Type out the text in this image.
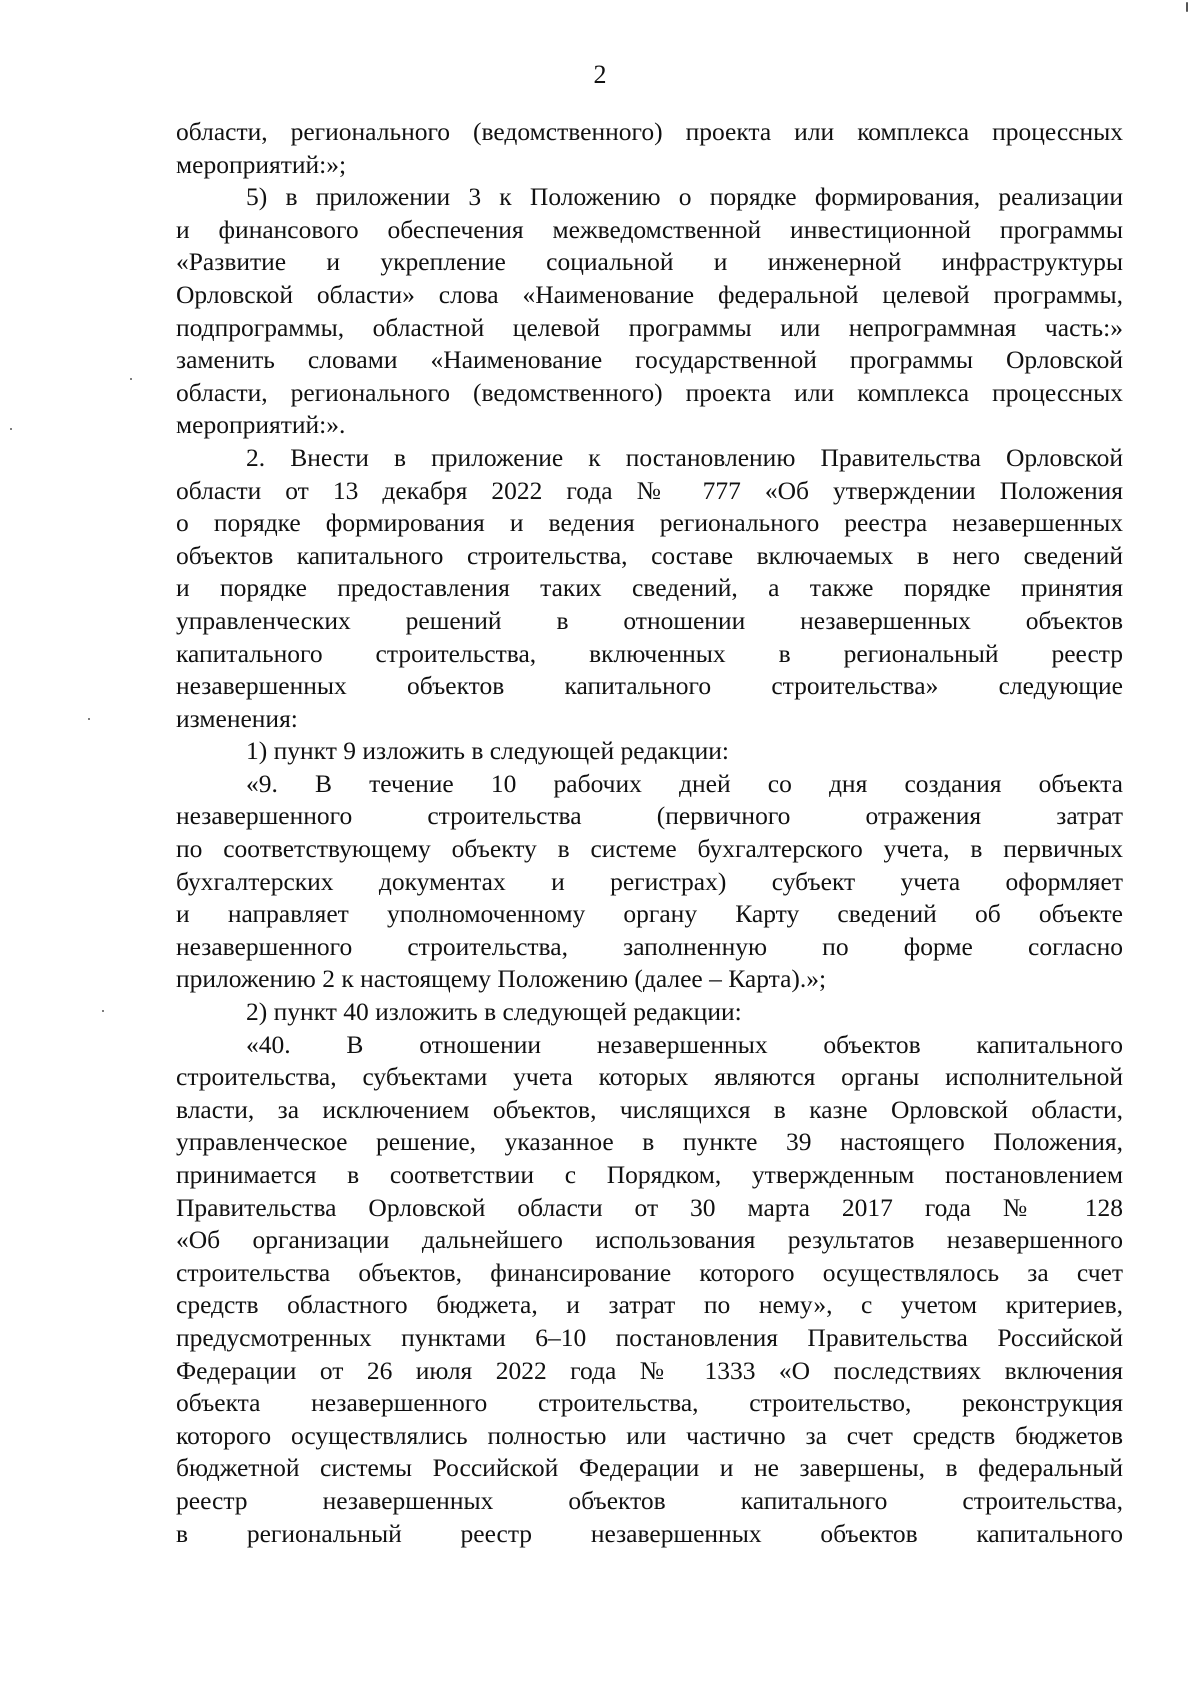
2
области, регионального (ведомственного) проекта или комплекса процессных
мероприятий:»;
5) в приложении 3 к Положению о порядке формирования, реализации
и финансового обеспечения межведомственной инвестиционной программы
«Развитие и укрепление социальной и инженерной инфраструктуры
Орловской области» слова «Наименование федеральной целевой программы,
подпрограммы, областной целевой программы или непрограммная часть:»
заменить словами «Наименование государственной программы Орловской
области, регионального (ведомственного) проекта или комплекса процессных
мероприятий:».
2. Внести в приложение к постановлению Правительства Орловской
области от 13 декабря 2022 года № 777 «Об утверждении Положения
о порядке формирования и ведения регионального реестра незавершенных
объектов капитального строительства, составе включаемых в него сведений
и порядке предоставления таких сведений, а также порядке принятия
управленческих решений в отношении незавершенных объектов
капитального строительства, включенных в региональный реестр
незавершенных объектов капитального строительства» следующие
изменения:
1) пункт 9 изложить в следующей редакции:
«9. В течение 10 рабочих дней со дня создания объекта
незавершенного строительства (первичного отражения затрат
по соответствующему объекту в системе бухгалтерского учета, в первичных
бухгалтерских документах и регистрах) субъект учета оформляет
и направляет уполномоченному органу Карту сведений об объекте
незавершенного строительства, заполненную по форме согласно
приложению 2 к настоящему Положению (далее – Карта).»;
2) пункт 40 изложить в следующей редакции:
«40. В отношении незавершенных объектов капитального
строительства, субъектами учета которых являются органы исполнительной
власти, за исключением объектов, числящихся в казне Орловской области,
управленческое решение, указанное в пункте 39 настоящего Положения,
принимается в соответствии с Порядком, утвержденным постановлением
Правительства Орловской области от 30 марта 2017 года № 128
«Об организации дальнейшего использования результатов незавершенного
строительства объектов, финансирование которого осуществлялось за счет
средств областного бюджета, и затрат по нему», с учетом критериев,
предусмотренных пунктами 6–10 постановления Правительства Российской
Федерации от 26 июля 2022 года № 1333 «О последствиях включения
объекта незавершенного строительства, строительство, реконструкция
которого осуществлялись полностью или частично за счет средств бюджетов
бюджетной системы Российской Федерации и не завершены, в федеральный
реестр незавершенных объектов капитального строительства,
в региональный реестр незавершенных объектов капитального
